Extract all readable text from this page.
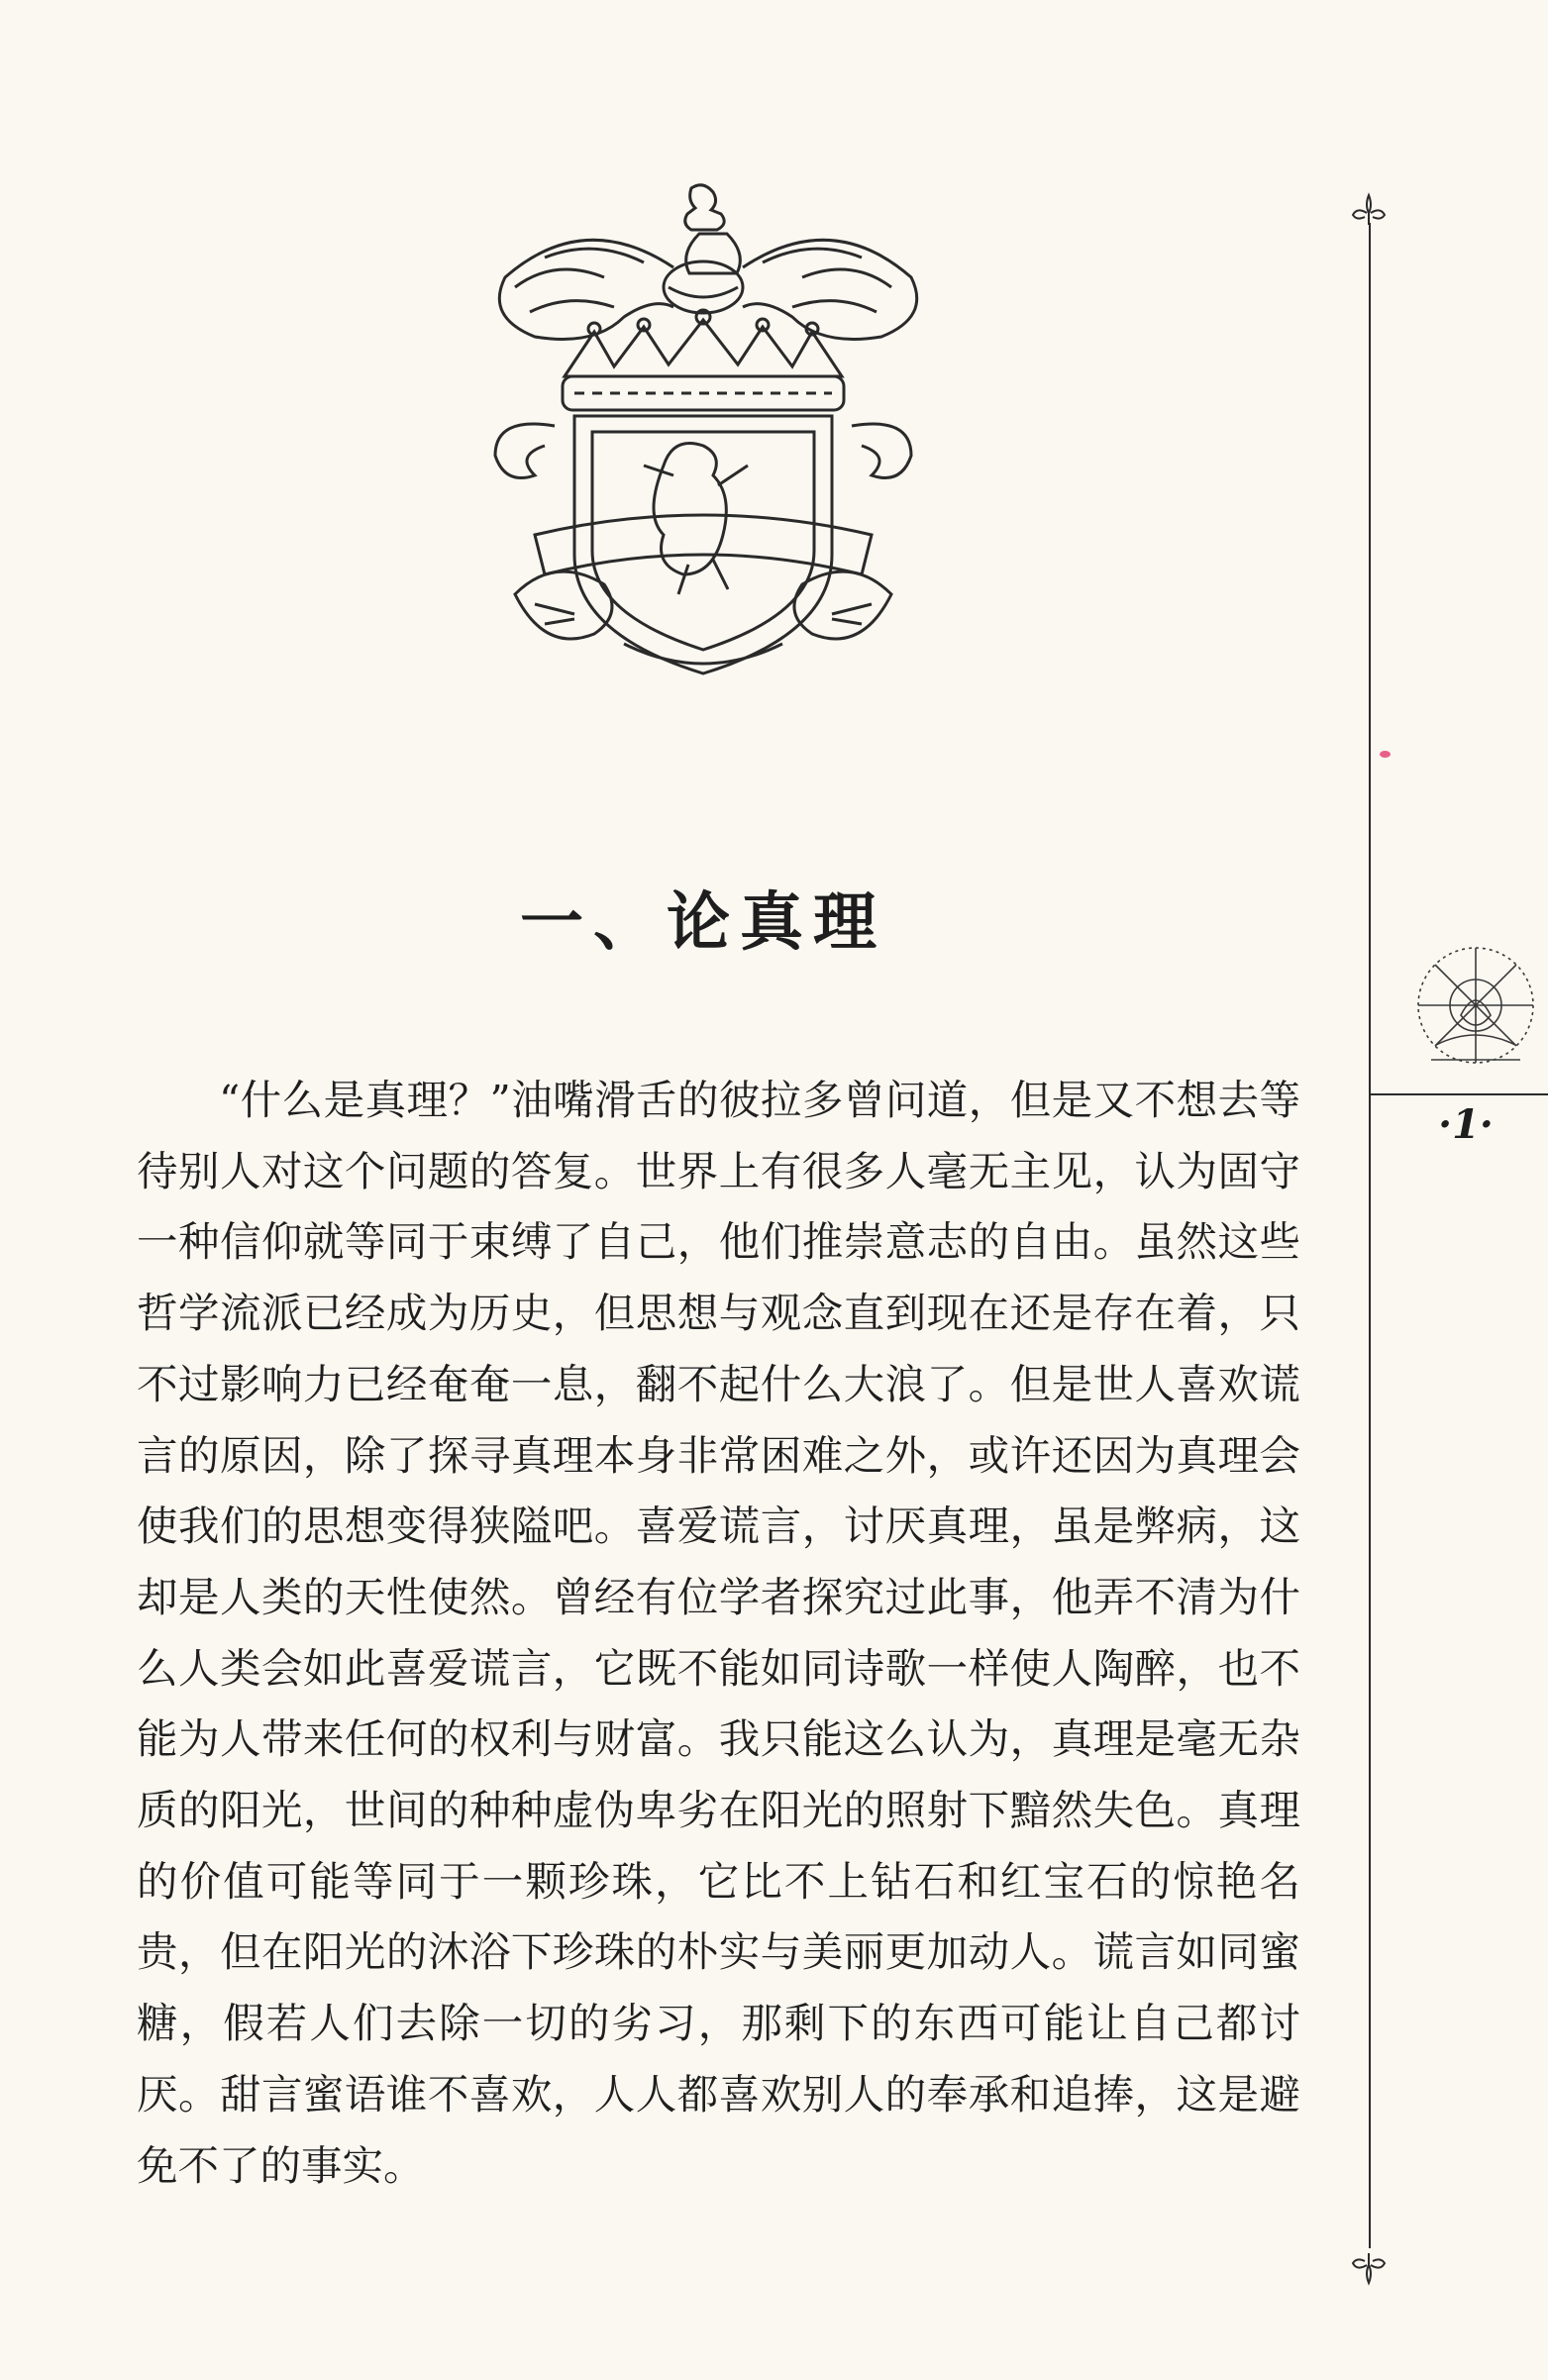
一、论真理

“什么是真理？”油嘴滑舌的彼拉多曾问道，但是又不想去等待别人对这个问题的答复。世界上有很多人毫无主见，认为固守一种信仰就等同于束缚了自己，他们推崇意志的自由。虽然这些哲学流派已经成为历史，但思想与观念直到现在还是存在着，只不过影响力已经奄奄一息，翻不起什么大浪了。但是世人喜欢谎言的原因，除了探寻真理本身非常困难之外，或许还因为真理会使我们的思想变得狭隘吧。喜爱谎言，讨厌真理，虽是弊病，这却是人类的天性使然。曾经有位学者探究过此事，他弄不清为什么人类会如此喜爱谎言，它既不能如同诗歌一样使人陶醉，也不能为人带来任何的权利与财富。我只能这么认为，真理是毫无杂质的阳光，世间的种种虚伪卑劣在阳光的照射下黯然失色。真理的价值可能等同于一颗珍珠，它比不上钻石和红宝石的惊艳名贵，但在阳光的沐浴下珍珠的朴实与美丽更加动人。谎言如同蜜糖，假若人们去除一切的劣习，那剩下的东西可能让自己都讨厌。甜言蜜语谁不喜欢，人人都喜欢别人的奉承和追捧，这是避免不了的事实。

·1·
